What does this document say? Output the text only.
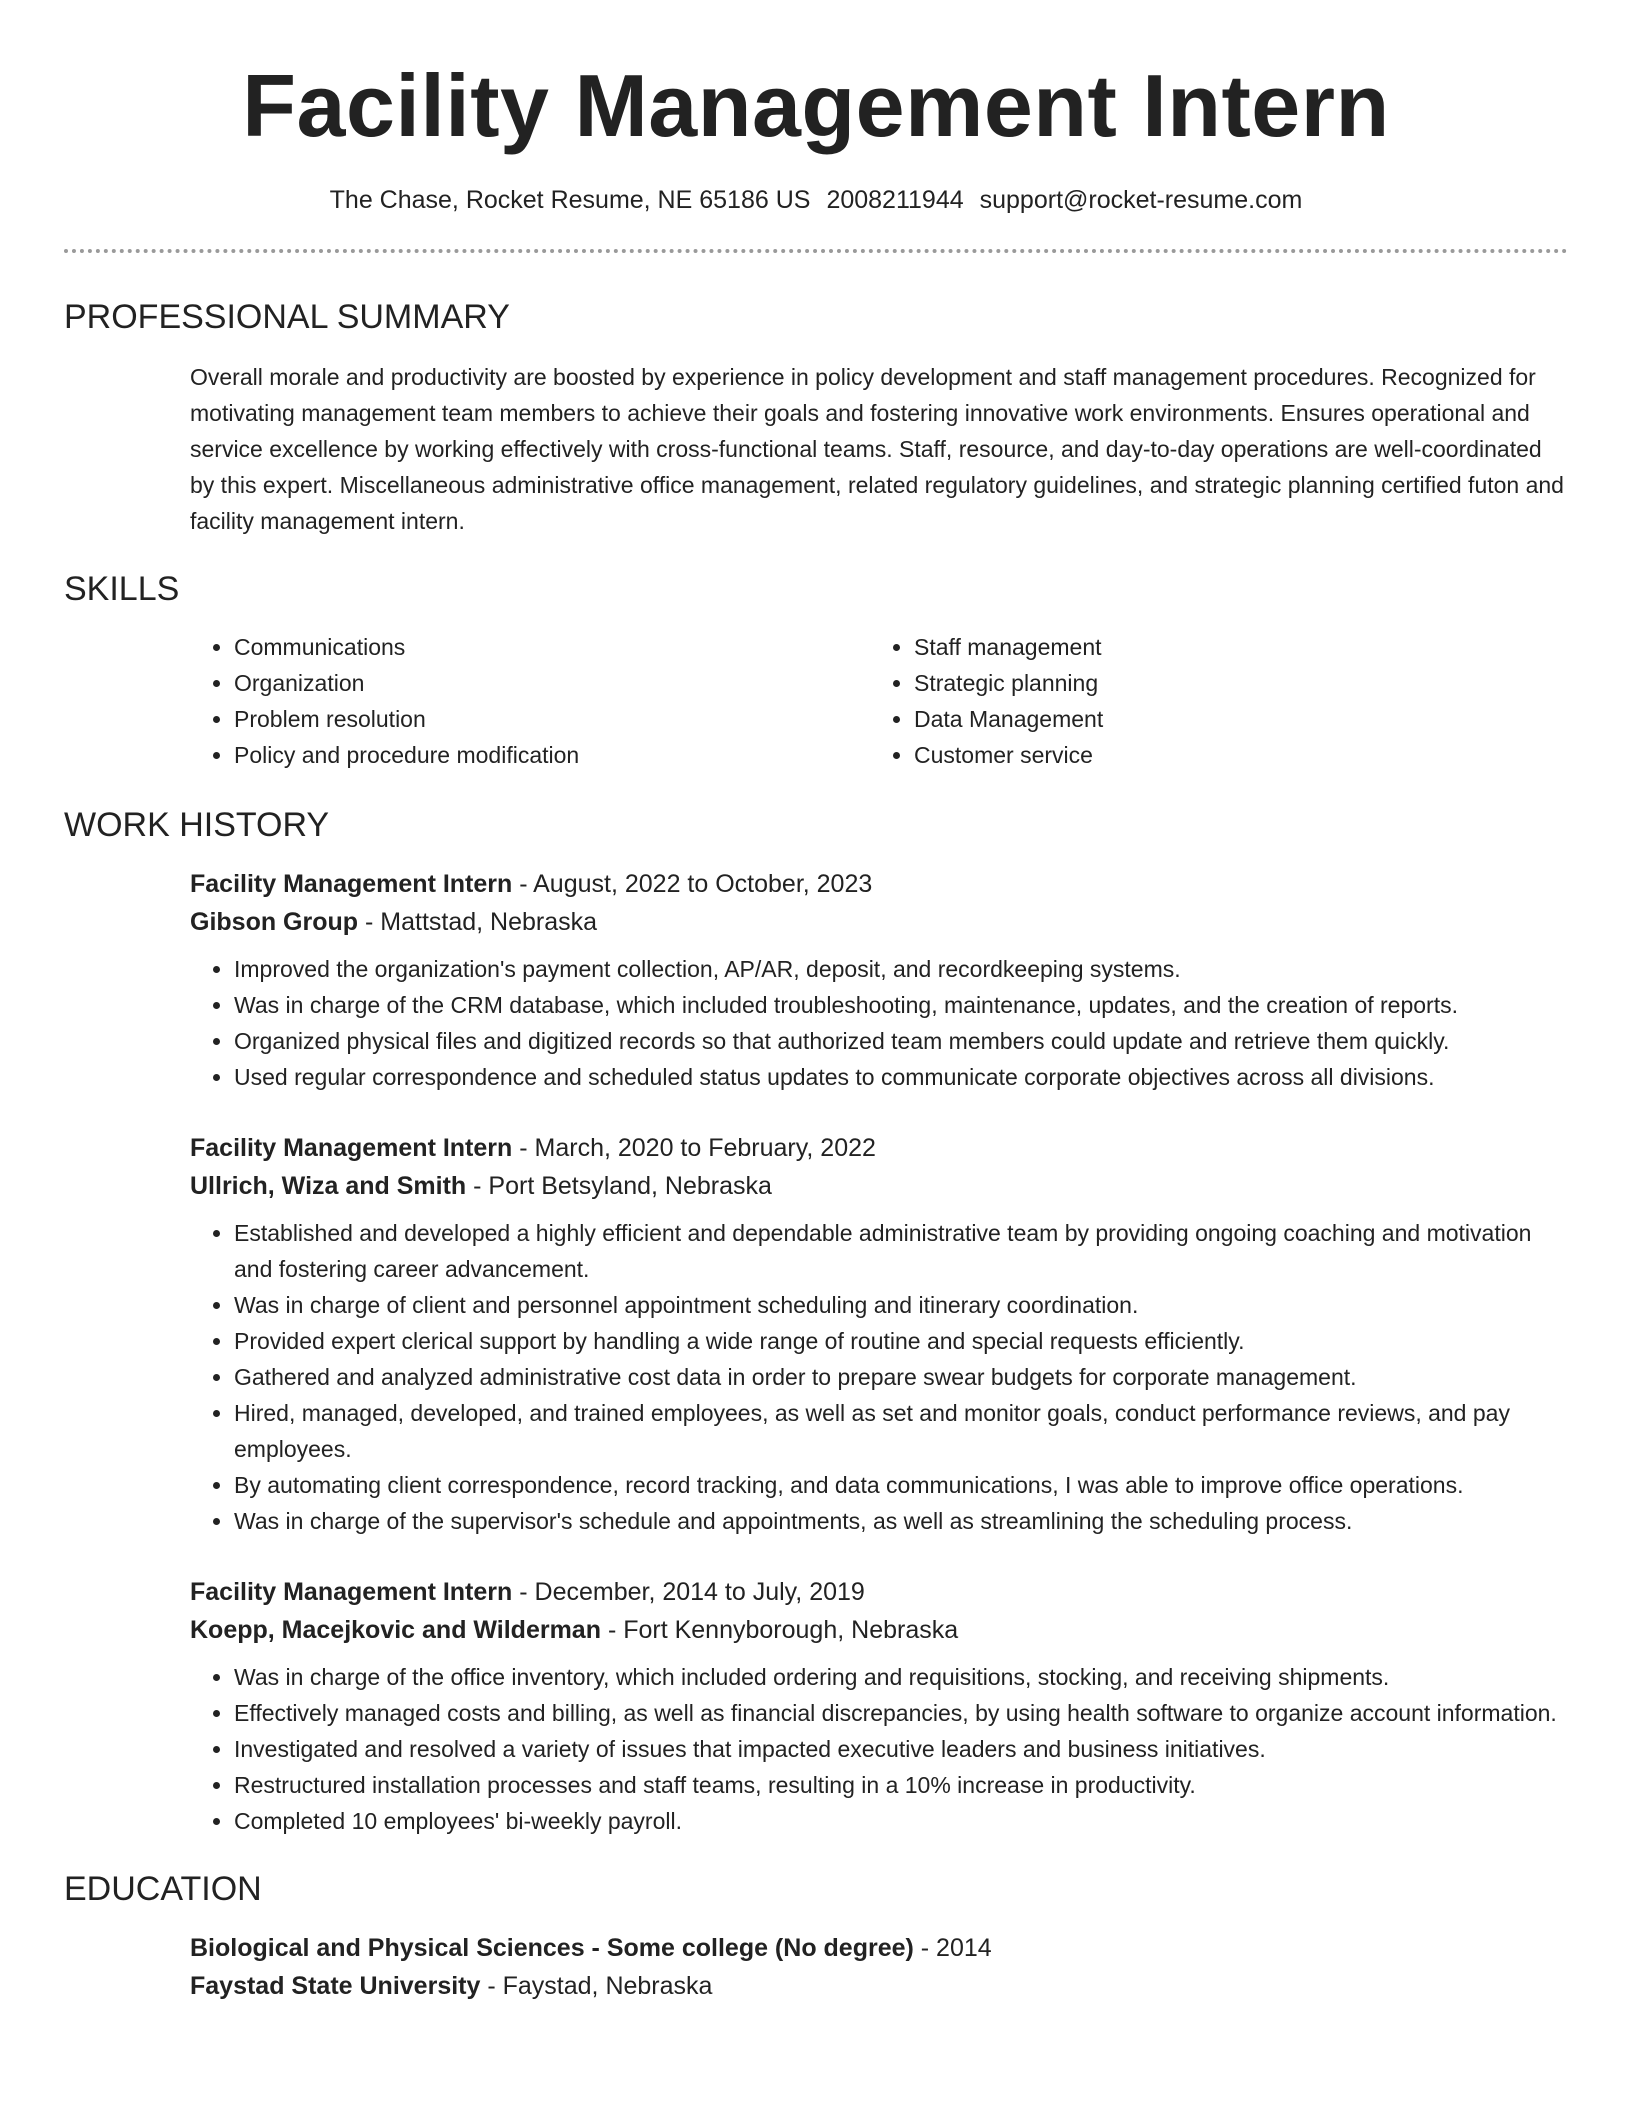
Facility Management Intern
The Chase, Rocket Resume, NE 65186 US 2008211944 support@rocket-resume.com
PROFESSIONAL SUMMARY

Overall morale and productivity are boosted by experience in policy development and staff management procedures. Recognized for motivating management team members to achieve their goals and fostering innovative work environments. Ensures operational and service excellence by working effectively with cross-functional teams. Staff, resource, and day-to-day operations are well-coordinated by this expert. Miscellaneous administrative office management, related regulatory guidelines, and strategic planning certified futon and facility management intern.

SKILLS
• Communications
• Organization
• Problem resolution
• Policy and procedure modification
• Staff management
• Strategic planning
• Data Management
• Customer service
WORK HISTORY
Facility Management Intern - August, 2022 to October, 2023
Gibson Group - Mattstad, Nebraska
• Improved the organization's payment collection, AP/AR, deposit, and recordkeeping systems.
• Was in charge of the CRM database, which included troubleshooting, maintenance, updates, and the creation of reports.
• Organized physical files and digitized records so that authorized team members could update and retrieve them quickly.
• Used regular correspondence and scheduled status updates to communicate corporate objectives across all divisions.
Facility Management Intern - March, 2020 to February, 2022
Ullrich, Wiza and Smith - Port Betsyland, Nebraska
• Established and developed a highly efficient and dependable administrative team by providing ongoing coaching and motivation and fostering career advancement.
• Was in charge of client and personnel appointment scheduling and itinerary coordination.
• Provided expert clerical support by handling a wide range of routine and special requests efficiently.
• Gathered and analyzed administrative cost data in order to prepare swear budgets for corporate management.
• Hired, managed, developed, and trained employees, as well as set and monitor goals, conduct performance reviews, and pay employees.
• By automating client correspondence, record tracking, and data communications, I was able to improve office operations.
• Was in charge of the supervisor's schedule and appointments, as well as streamlining the scheduling process.
Facility Management Intern - December, 2014 to July, 2019
Koepp, Macejkovic and Wilderman - Fort Kennyborough, Nebraska
• Was in charge of the office inventory, which included ordering and requisitions, stocking, and receiving shipments.
• Effectively managed costs and billing, as well as financial discrepancies, by using health software to organize account information.
• Investigated and resolved a variety of issues that impacted executive leaders and business initiatives.
• Restructured installation processes and staff teams, resulting in a 10% increase in productivity.
• Completed 10 employees' bi-weekly payroll.
EDUCATION
Biological and Physical Sciences - Some college (No degree) - 2014
Faystad State University - Faystad, Nebraska
